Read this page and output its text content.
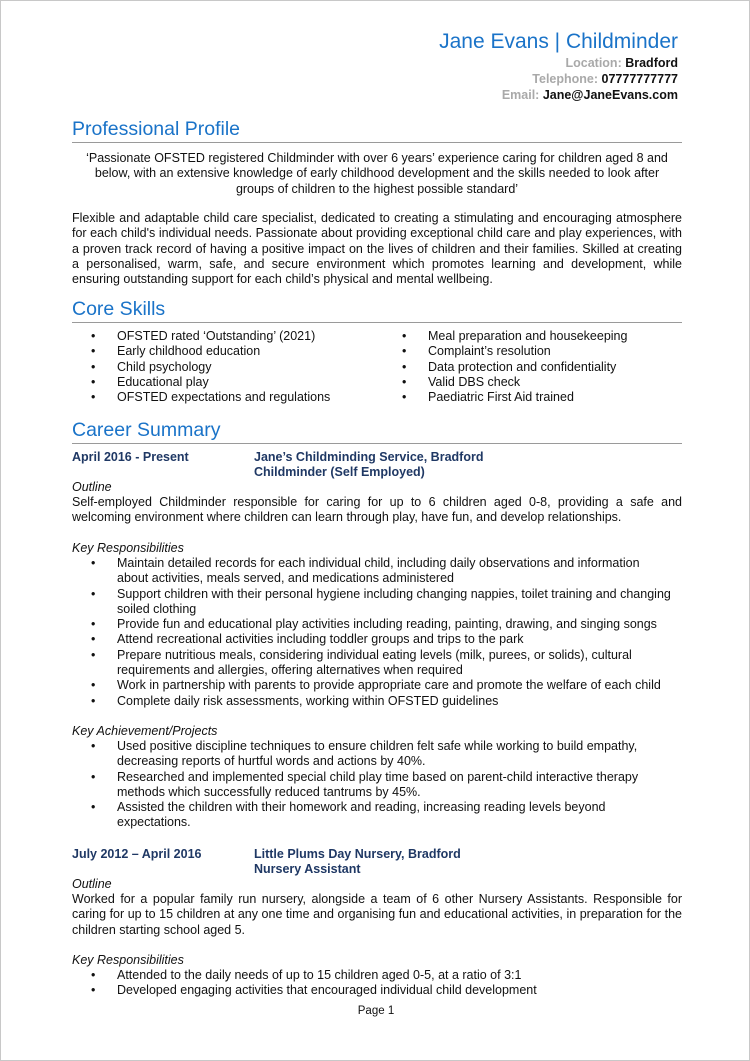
Jane Evans | Childminder
Location: Bradford
Telephone: 07777777777
Email: Jane@JaneEvans.com
Professional Profile
‘Passionate OFSTED registered Childminder with over 6 years’ experience caring for children aged 8 and
below, with an extensive knowledge of early childhood development and the skills needed to look after
groups of children to the highest possible standard’
Flexible and adaptable child care specialist, dedicated to creating a stimulating and encouraging atmosphere for each child's individual needs. Passionate about providing exceptional child care and play experiences, with a proven track record of having a positive impact on the lives of children and their families. Skilled at creating a personalised, warm, safe, and secure environment which promotes learning and development, while ensuring outstanding support for each child’s physical and mental wellbeing.
Core Skills
• OFSTED rated ‘Outstanding’ (2021)
• Early childhood education
• Child psychology
• Educational play
• OFSTED expectations and regulations
• Meal preparation and housekeeping
• Complaint’s resolution
• Data protection and confidentiality
• Valid DBS check
• Paediatric First Aid trained
Career Summary
April 2016 - Present	Jane’s Childminding Service, Bradford
Childminder (Self Employed)
Outline
Self-employed Childminder responsible for caring for up to 6 children aged 0-8, providing a safe and welcoming environment where children can learn through play, have fun, and develop relationships.
Key Responsibilities
• Maintain detailed records for each individual child, including daily observations and information about activities, meals served, and medications administered
• Support children with their personal hygiene including changing nappies, toilet training and changing soiled clothing
• Provide fun and educational play activities including reading, painting, drawing, and singing songs
• Attend recreational activities including toddler groups and trips to the park
• Prepare nutritious meals, considering individual eating levels (milk, purees, or solids), cultural requirements and allergies, offering alternatives when required
• Work in partnership with parents to provide appropriate care and promote the welfare of each child
• Complete daily risk assessments, working within OFSTED guidelines
Key Achievement/Projects
• Used positive discipline techniques to ensure children felt safe while working to build empathy, decreasing reports of hurtful words and actions by 40%.
• Researched and implemented special child play time based on parent-child interactive therapy methods which successfully reduced tantrums by 45%.
• Assisted the children with their homework and reading, increasing reading levels beyond expectations.
July 2012 – April 2016	Little Plums Day Nursery, Bradford
Nursery Assistant
Outline
Worked for a popular family run nursery, alongside a team of 6 other Nursery Assistants. Responsible for caring for up to 15 children at any one time and organising fun and educational activities, in preparation for the children starting school aged 5.
Key Responsibilities
• Attended to the daily needs of up to 15 children aged 0-5, at a ratio of 3:1
• Developed engaging activities that encouraged individual child development
Page 1
